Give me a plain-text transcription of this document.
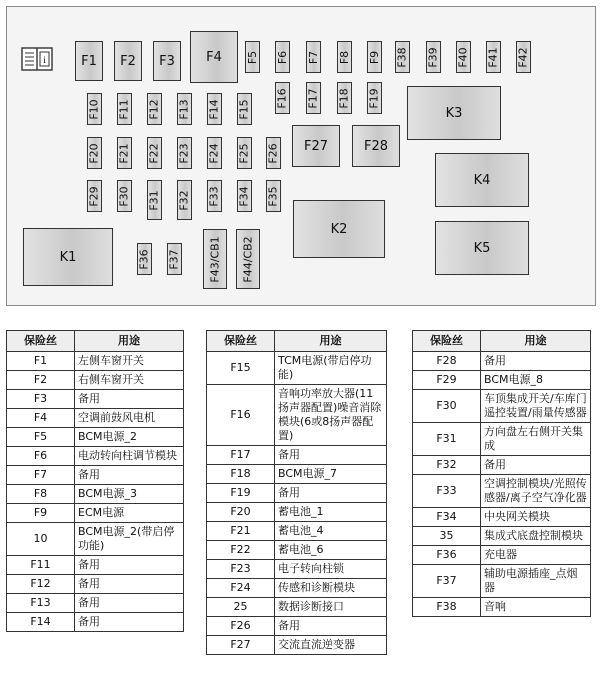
i	F1 F2 F3 F4 F5 F6 F7 F8 F9 F38 F39 F40 F41 F42
F10 F11 F12 F13 F14 F15
F16 F17 F18 F19
F20 F21 F22 F23 F24 F25 F26 F27	F28
F29 F30 F31 F32 F33 F34 F35
F36 F37	F43/CB1 F44/CB2
K1
K2
K3
K4
K5
保险丝	用途
F1	左侧车窗开关
F2	右侧车窗开关
F3	备用
F4	空调前鼓风电机
F5	BCM电源_2
F6	电动转向柱调节模块
F7	备用
F8	BCM电源_3
F9	ECM电源
10	BCM电源_2(带启停功能)
F11	备用
F12	备用
F13	备用
F14	备用
保险丝	用途
F15	TCM电源(带启停功能)
F16	音响功率放大器(11扬声器配置)噪音消除模块(6或8扬声器配置)
F17	备用
F18	BCM电源_7
F19	备用
F20	蓄电池_1
F21	蓄电池_4
F22	蓄电池_6
F23	电子转向柱锁
F24	传感和诊断模块
25	数据诊断接口
F26	备用
F27	交流直流逆变器
保险丝	用途
F28	备用
F29	BCM电源_8
F30	车顶集成开关/车库门遥控装置/雨量传感器
F31	方向盘左右侧开关集成
F32	备用
F33	空调控制模块/光照传感器/离子空气净化器
F34	中央网关模块
35	集成式底盘控制模块
F36	充电器
F37	辅助电源插座_点烟器
F38	音响
